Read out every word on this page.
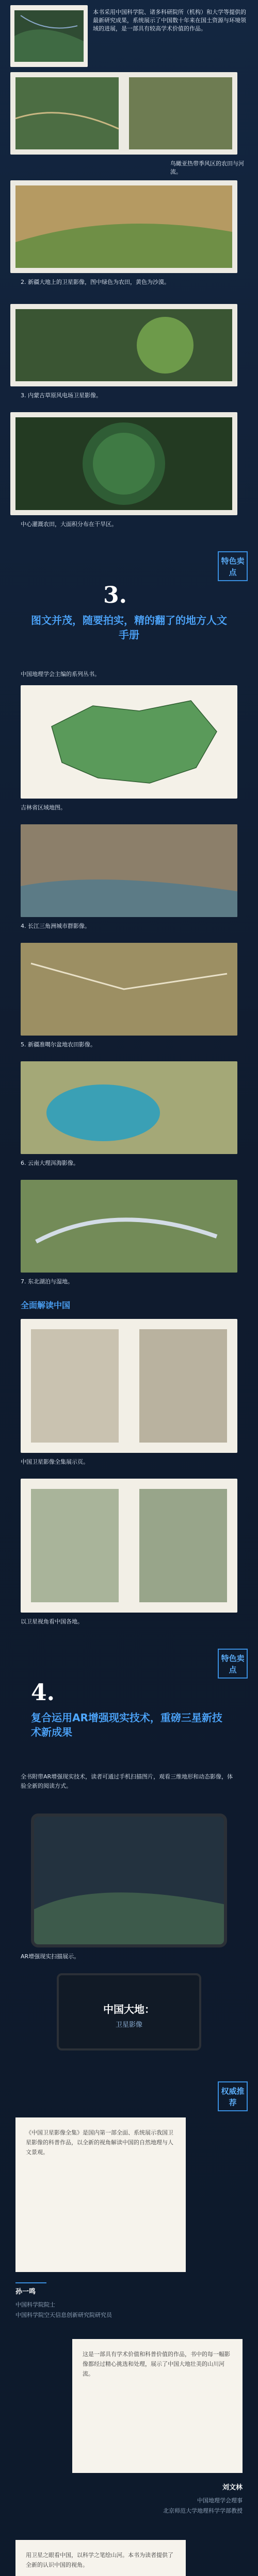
本书采用中国科学院、诸多科研院所（机构）和大学等提供的最新研究成果，系统展示了中国数十年来在国土资源与环境领域的进展，是一部具有较高学术价值的作品。
鸟瞰亚热带季风区的农田与河流。
2. 新疆大地上的卫星影像，图中绿色为农田，黄色为沙漠。
3. 内蒙古草原风电场卫星影像。
中心灌溉农田，大面积分布在干旱区。
特色卖点
3.
图文并茂，随要拍实，精的翻了的地方人文手册
中国地理学会主编的系列丛书。
吉林省区域地图。
4. 长江三角洲城市群影像。
5. 新疆准噶尔盆地农田影像。
6. 云南大理洱海影像。
7. 东北湖泊与湿地。
全面解读中国
中国卫星影像全集展示页。
以卫星视角看中国各地。
特色卖点
4.
复合运用AR增强现实技术，重磅三星新技术新成果
全书附带AR增强现实技术，读者可通过手机扫描图片，观看三维地形和动态影像，体验全新的阅读方式。
AR增强现实扫描展示。
中国大地：
卫星影像
权威推荐
《中国卫星影像全集》是国内第一部全面、系统展示我国卫星影像的科普作品，以全新的视角解读中国的自然地理与人文景观。
孙一鸣
中国科学院院士
中国科学院空天信息创新研究院研究员
这是一部具有学术价值和科普价值的作品，书中的每一幅影像都经过精心挑选和处理，展示了中国大地壮美的山川河流。
刘文林
中国地理学会理事
北京师范大学地理科学学部教授
用卫星之眼看中国，以科学之笔绘山河。本书为读者提供了全新的认识中国的视角。
